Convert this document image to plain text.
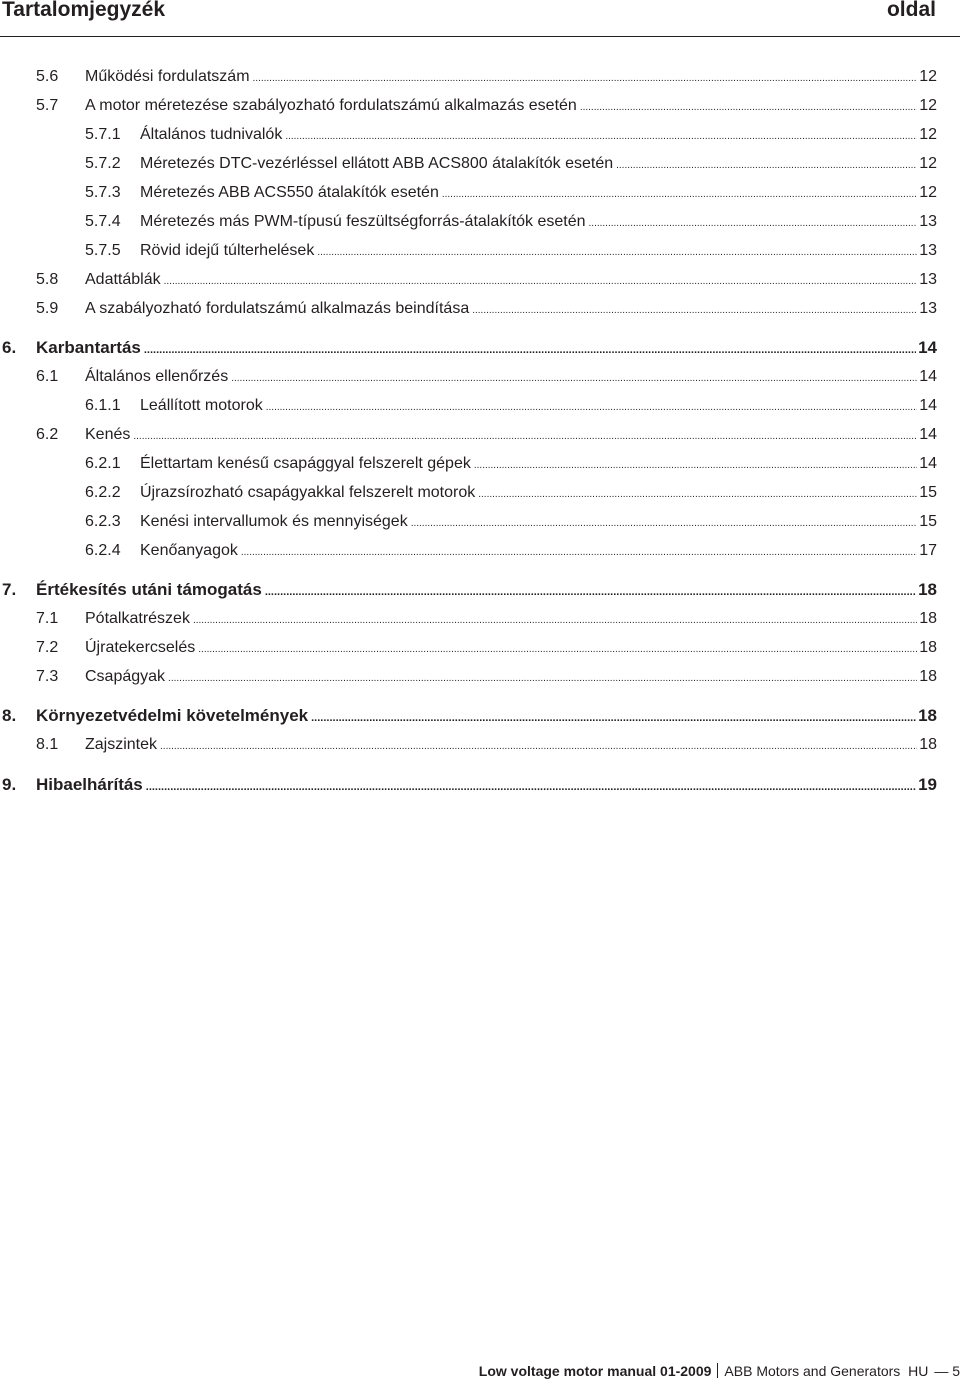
Tartalomjegyzék	oldal
5.6 Működési fordulatszám .....	12
5.7 A motor méretezése szabályozható fordulatszámú alkalmazás esetén .....	12
5.7.1 Általános tudnivalók .....	12
5.7.2 Méretezés DTC-vezérléssel ellátott ABB ACS800 átalakítók esetén .....	12
5.7.3 Méretezés ABB ACS550 átalakítók esetén .....	12
5.7.4 Méretezés más PWM-típusú feszültségforrás-átalakítók esetén .....	13
5.7.5 Rövid idejű túlterhelések .....	13
5.8 Adattáblák .....	13
5.9 A szabályozható fordulatszámú alkalmazás beindítása .....	13
6. Karbantartás .....	14
6.1 Általános ellenőrzés .....	14
6.1.1 Leállított motorok .....	14
6.2 Kenés .....	14
6.2.1 Élettartam kenésű csapággyal felszerelt gépek .....	14
6.2.2 Újrazsírozható csapágyakkal felszerelt motorok .....	15
6.2.3 Kenési intervallumok és mennyiségek .....	15
6.2.4 Kenőanyagok .....	17
7. Értékesítés utáni támogatás .....	18
7.1 Pótalkatrészek .....	18
7.2 Újratekercselés .....	18
7.3 Csapágyak .....	18
8. Környezetvédelmi követelmények .....	18
8.1 Zajszintek .....	18
9. Hibaelhárítás .....	19
Low voltage motor manual 01-2009 ABB Motors and Generators HU — 5
